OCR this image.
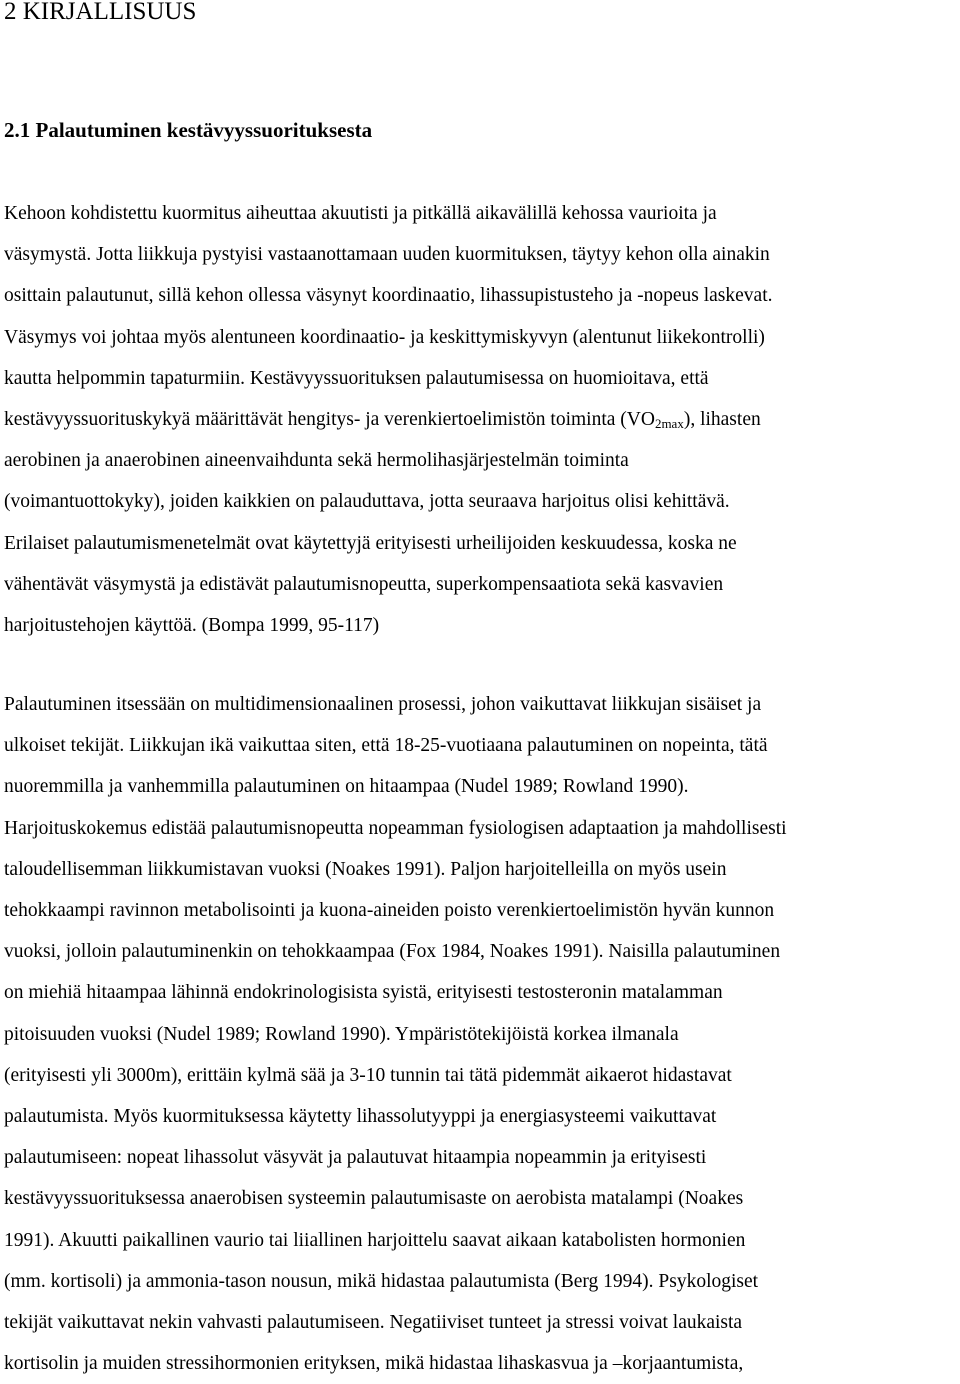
2 KIRJALLISUUS
2.1 Palautuminen kestävyyssuorituksesta
Kehoon kohdistettu kuormitus aiheuttaa akuutisti ja pitkällä aikavälillä kehossa vaurioita ja
väsymystä. Jotta liikkuja pystyisi vastaanottamaan uuden kuormituksen, täytyy kehon olla ainakin
osittain palautunut, sillä kehon ollessa väsynyt koordinaatio, lihassupistusteho ja -nopeus laskevat.
Väsymys voi johtaa myös alentuneen koordinaatio- ja keskittymiskyvyn (alentunut liikekontrolli)
kautta helpommin tapaturmiin. Kestävyyssuorituksen palautumisessa on huomioitava, että
kestävyyssuorituskykyä määrittävät hengitys- ja verenkiertoelimistön toiminta $(VO_{2max})$, lihasten
aerobinen ja anaerobinen aineenvaihdunta sekä hermolihasjärjestelmän toiminta
(voimantuottokyky), joiden kaikkien on palauduttava, jotta seuraava harjoitus olisi kehittävä.
Erilaiset palautumismenetelmät ovat käytettyjä erityisesti urheilijoiden keskuudessa, koska ne
vähentävät väsymystä ja edistävät palautumisnopeutta, superkompensaatiota sekä kasvavien
harjoitustehojen käyttöä. (Bompa 1999, 95-117)
Palautuminen itsessään on multidimensionaalinen prosessi, johon vaikuttavat liikkujan sisäiset ja
ulkoiset tekijät. Liikkujan ikä vaikuttaa siten, että 18-25-vuotiaana palautuminen on nopeinta, tätä
nuoremmilla ja vanhemmilla palautuminen on hitaampaa (Nudel 1989; Rowland 1990).
Harjoituskokemus edistää palautumisnopeutta nopeamman fysiologisen adaptaation ja mahdollisesti
taloudellisemman liikkumistavan vuoksi (Noakes 1991). Paljon harjoitelleilla on myös usein
tehokkaampi ravinnon metabolisointi ja kuona-aineiden poisto verenkiertoelimistön hyvän kunnon
vuoksi, jolloin palautuminenkin on tehokkaampaa (Fox 1984, Noakes 1991). Naisilla palautuminen
on miehiä hitaampaa lähinnä endokrinologisista syistä, erityisesti testosteronin matalamman
pitoisuuden vuoksi (Nudel 1989; Rowland 1990). Ympäristötekijöistä korkea ilmanala
(erityisesti yli 3000m), erittäin kylmä sää ja 3-10 tunnin tai tätä pidemmät aikaerot hidastavat
palautumista. Myös kuormituksessa käytetty lihassolutyyppi ja energiasysteemi vaikuttavat
palautumiseen: nopeat lihassolut väsyvät ja palautuvat hitaampia nopeammin ja erityisesti
kestävyyssuorituksessa anaerobisen systeemin palautumisaste on aerobista matalampi (Noakes
1991). Akuutti paikallinen vaurio tai liiallinen harjoittelu saavat aikaan katabolisten hormonien
(mm. kortisoli) ja ammonia-tason nousun, mikä hidastaa palautumista (Berg 1994). Psykologiset
tekijät vaikuttavat nekin vahvasti palautumiseen. Negatiiviset tunteet ja stressi voivat laukaista
kortisolin ja muiden stressihormonien erityksen, mikä hidastaa lihaskasvua ja –korjaantumista,
